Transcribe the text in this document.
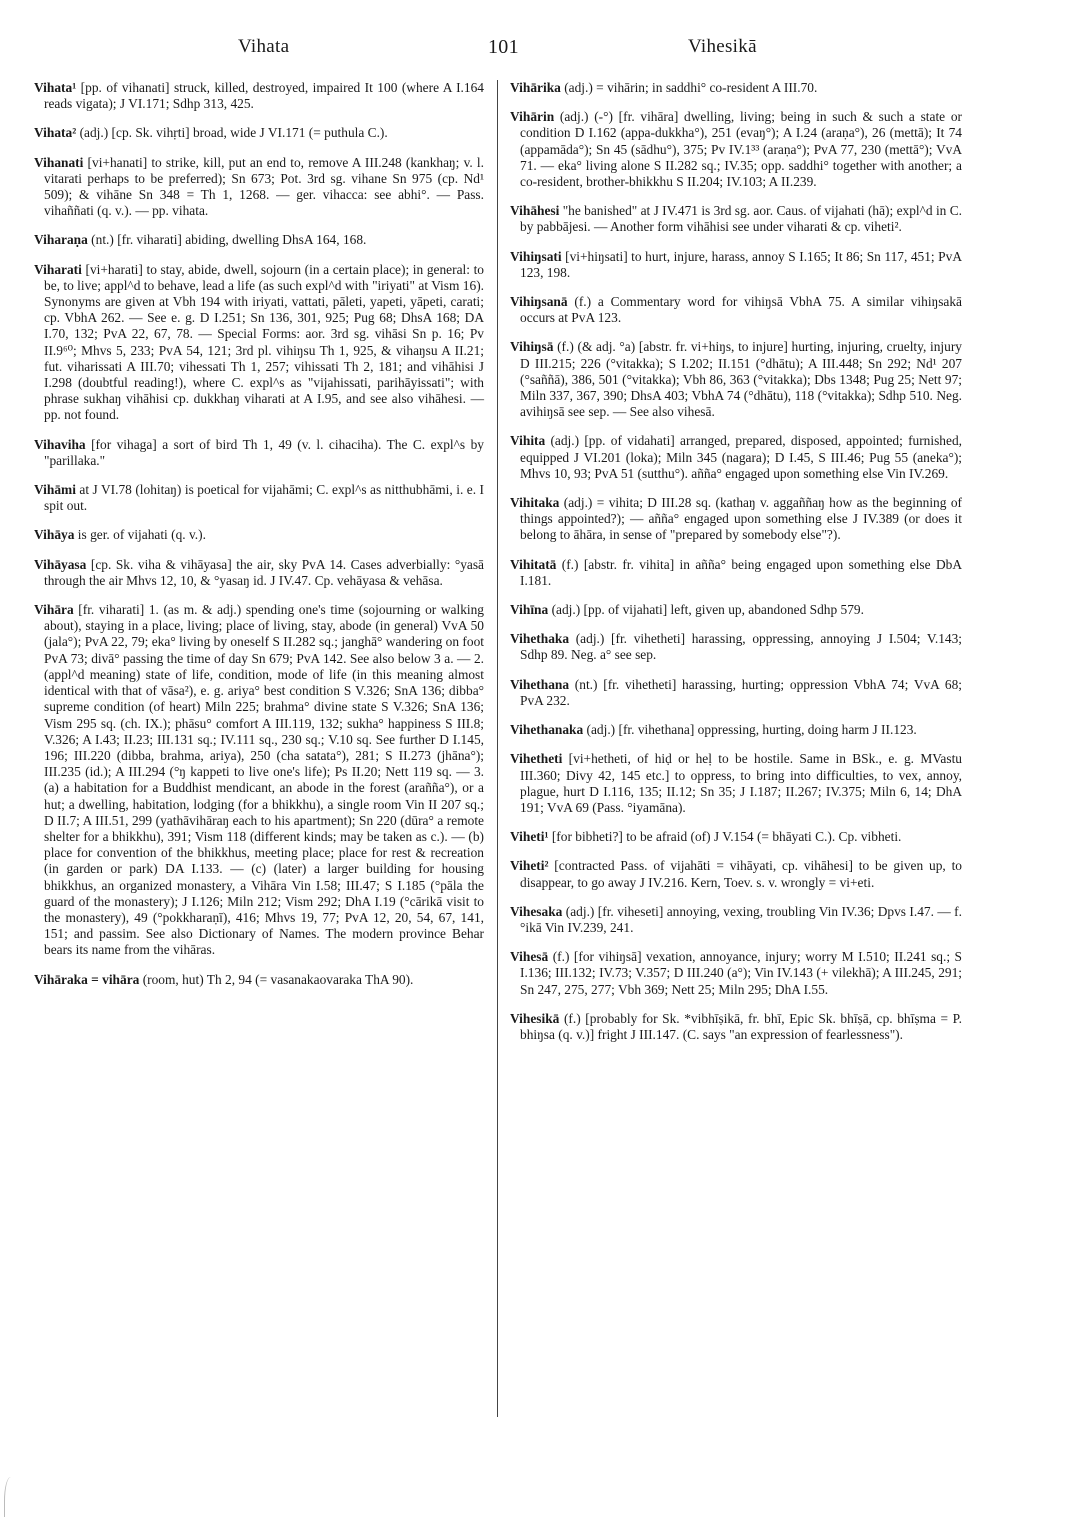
Vihata	101	Vihesikā

Vihata¹ [pp. of vihanati] struck, killed, destroyed, impaired It 100 (where A I.164 reads vigata); J VI.171; Sdhp 313, 425.

Vihata² (adj.) [cp. Sk. vihṛti] broad, wide J VI.171 (= puthula C.).

Vihanati [vi+hanati] to strike, kill, put an end to, remove A III.248 (kankhaŋ; v. l. vitarati perhaps to be preferred); Sn 673; Pot. 3rd sg. vihane Sn 975 (cp. Nd¹ 509); & vihāne Sn 348 = Th 1, 1268. — ger. vihacca: see abhi°. — Pass. vihaññati (q. v.). — pp. vihata.

Viharaṇa (nt.) [fr. viharati] abiding, dwelling DhsA 164, 168.

Viharati [vi+harati] to stay, abide, dwell, sojourn (in a certain place); in general: to be, to live; appl^d to behave, lead a life (as such expl^d with "iriyati" at Vism 16). Synonyms are given at Vbh 194 with iriyati, vattati, pāleti, yapeti, yāpeti, carati; cp. VbhA 262. — See e. g. D I.251; Sn 136, 301, 925; Pug 68; DhsA 168; DA I.70, 132; PvA 22, 67, 78. — Special Forms: aor. 3rd sg. vihāsi Sn p. 16; Pv II.9⁶⁰; Mhvs 5, 233; PvA 54, 121; 3rd pl. vihiŋsu Th 1, 925, & vihaŋsu A II.21; fut. viharissati A III.70; vihessati Th 1, 257; vihissati Th 2, 181; and vihāhisi J I.298 (doubtful reading!), where C. expl^s as "vijahissati, parihāyissati"; with phrase sukhaŋ vihāhisi cp. dukkhaŋ viharati at A I.95, and see also vihāhesi. — pp. not found.

Vihaviha [for vihaga] a sort of bird Th 1, 49 (v. l. cihaciha). The C. expl^s by "parillaka."

Vihāmi at J VI.78 (lohitaŋ) is poetical for vijahāmi; C. expl^s as nitthubhāmi, i. e. I spit out.

Vihāya is ger. of vijahati (q. v.).

Vihāyasa [cp. Sk. viha & vihāyasa] the air, sky PvA 14. Cases adverbially: °yasā through the air Mhvs 12, 10, & °yasaŋ id. J IV.47. Cp. vehāyasa & vehāsa.

Vihāra [fr. viharati] 1. (as m. & adj.) spending one's time (sojourning or walking about), staying in a place, living; place of living, stay, abode (in general) VvA 50 (jala°); PvA 22, 79; eka° living by oneself S II.282 sq.; janghā° wandering on foot PvA 73; divā° passing the time of day Sn 679; PvA 142. See also below 3 a. — 2. (appl^d meaning) state of life, condition, mode of life (in this meaning almost identical with that of vāsa²), e. g. ariya° best condition S V.326; SnA 136; dibba° supreme condition (of heart) Miln 225; brahma° divine state S V.326; SnA 136; Vism 295 sq. (ch. IX.); phāsu° comfort A III.119, 132; sukha° happiness S III.8; V.326; A I.43; II.23; III.131 sq.; IV.111 sq., 230 sq.; V.10 sq. See further D I.145, 196; III.220 (dibba, brahma, ariya), 250 (cha satata°), 281; S II.273 (jhāna°); III.235 (id.); A III.294 (°ŋ kappeti to live one's life); Ps II.20; Nett 119 sq. — 3. (a) a habitation for a Buddhist mendicant, an abode in the forest (arañña°), or a hut; a dwelling, habitation, lodging (for a bhikkhu), a single room Vin II 207 sq.; D II.7; A III.51, 299 (yathāvihāraŋ each to his apartment); Sn 220 (dūra° a remote shelter for a bhikkhu), 391; Vism 118 (different kinds; may be taken as c.). — (b) place for convention of the bhikkhus, meeting place; place for rest & recreation (in garden or park) DA I.133. — (c) (later) a larger building for housing bhikkhus, an organized monastery, a Vihāra Vin I.58; III.47; S I.185 (°pāla the guard of the monastery); J I.126; Miln 212; Vism 292; DhA I.19 (°cārikā visit to the monastery), 49 (°pokkharaṇī), 416; Mhvs 19, 77; PvA 12, 20, 54, 67, 141, 151; and passim. See also Dictionary of Names. The modern province Behar bears its name from the vihāras.

Vihāraka = vihāra (room, hut) Th 2, 94 (= vasanakaovaraka ThA 90).

Vihārika (adj.) = vihārin; in saddhi° co-resident A III.70.

Vihārin (adj.) (-°) [fr. vihāra] dwelling, living; being in such & such a state or condition D I.162 (appa-dukkha°), 251 (evaŋ°); A I.24 (araṇa°), 26 (mettā); It 74 (appamāda°); Sn 45 (sādhu°), 375; Pv IV.1³³ (araṇa°); PvA 77, 230 (mettā°); VvA 71. — eka° living alone S II.282 sq.; IV.35; opp. saddhi° together with another; a co-resident, brother-bhikkhu S II.204; IV.103; A II.239.

Vihāhesi "he banished" at J IV.471 is 3rd sg. aor. Caus. of vijahati (hā); expl^d in C. by pabbājesi. — Another form vihāhisi see under viharati & cp. viheti².

Vihiŋsati [vi+hiŋsati] to hurt, injure, harass, annoy S I.165; It 86; Sn 117, 451; PvA 123, 198.

Vihiŋsanā (f.) a Commentary word for vihiŋsā VbhA 75. A similar vihiŋsakā occurs at PvA 123.

Vihiŋsā (f.) (& adj. °a) [abstr. fr. vi+hiŋs, to injure] hurting, injuring, cruelty, injury D III.215; 226 (°vitakka); S I.202; II.151 (°dhātu); A III.448; Sn 292; Nd¹ 207 (°saññā), 386, 501 (°vitakka); Vbh 86, 363 (°vitakka); Dbs 1348; Pug 25; Nett 97; Miln 337, 367, 390; DhsA 403; VbhA 74 (°dhātu), 118 (°vitakka); Sdhp 510. Neg. avihiŋsā see sep. — See also vihesā.

Vihita (adj.) [pp. of vidahati] arranged, prepared, disposed, appointed; furnished, equipped J VI.201 (loka); Miln 345 (nagara); D I.45, S III.46; Pug 55 (aneka°); Mhvs 10, 93; PvA 51 (sutthu°). añña° engaged upon something else Vin IV.269.

Vihitaka (adj.) = vihita; D III.28 sq. (kathaŋ v. aggaññaŋ how as the beginning of things appointed?); — añña° engaged upon something else J IV.389 (or does it belong to āhāra, in sense of "prepared by somebody else"?).

Vihitatā (f.) [abstr. fr. vihita] in añña° being engaged upon something else DbA I.181.

Vihīna (adj.) [pp. of vijahati] left, given up, abandoned Sdhp 579.

Vihethaka (adj.) [fr. vihetheti] harassing, oppressing, annoying J I.504; V.143; Sdhp 89. Neg. a° see sep.

Vihethana (nt.) [fr. vihetheti] harassing, hurting; oppression VbhA 74; VvA 68; PvA 232.

Vihethanaka (adj.) [fr. vihethana] oppressing, hurting, doing harm J II.123.

Vihetheti [vi+hetheti, of hiḍ or heḷ to be hostile. Same in BSk., e. g. MVastu III.360; Divy 42, 145 etc.] to oppress, to bring into difficulties, to vex, annoy, plague, hurt D I.116, 135; II.12; Sn 35; J I.187; II.267; IV.375; Miln 6, 14; DhA 191; VvA 69 (Pass. °iyamāna).

Viheti¹ [for bibheti?] to be afraid (of) J V.154 (= bhāyati C.). Cp. vibheti.

Viheti² [contracted Pass. of vijahāti = vihāyati, cp. vihāhesi] to be given up, to disappear, to go away J IV.216. Kern, Toev. s. v. wrongly = vi+eti.

Vihesaka (adj.) [fr. viheseti] annoying, vexing, troubling Vin IV.36; Dpvs I.47. — f. °ikā Vin IV.239, 241.

Vihesā (f.) [for vihiŋsā] vexation, annoyance, injury; worry M I.510; II.241 sq.; S I.136; III.132; IV.73; V.357; D III.240 (a°); Vin IV.143 (+ vilekhā); A III.245, 291; Sn 247, 275, 277; Vbh 369; Nett 25; Miln 295; DhA I.55.

Vihesikā (f.) [probably for Sk. *vibhīṣikā, fr. bhī, Epic Sk. bhīṣā, cp. bhīṣma = P. bhiŋsa (q. v.)] fright J III.147. (C. says "an expression of fearlessness").
